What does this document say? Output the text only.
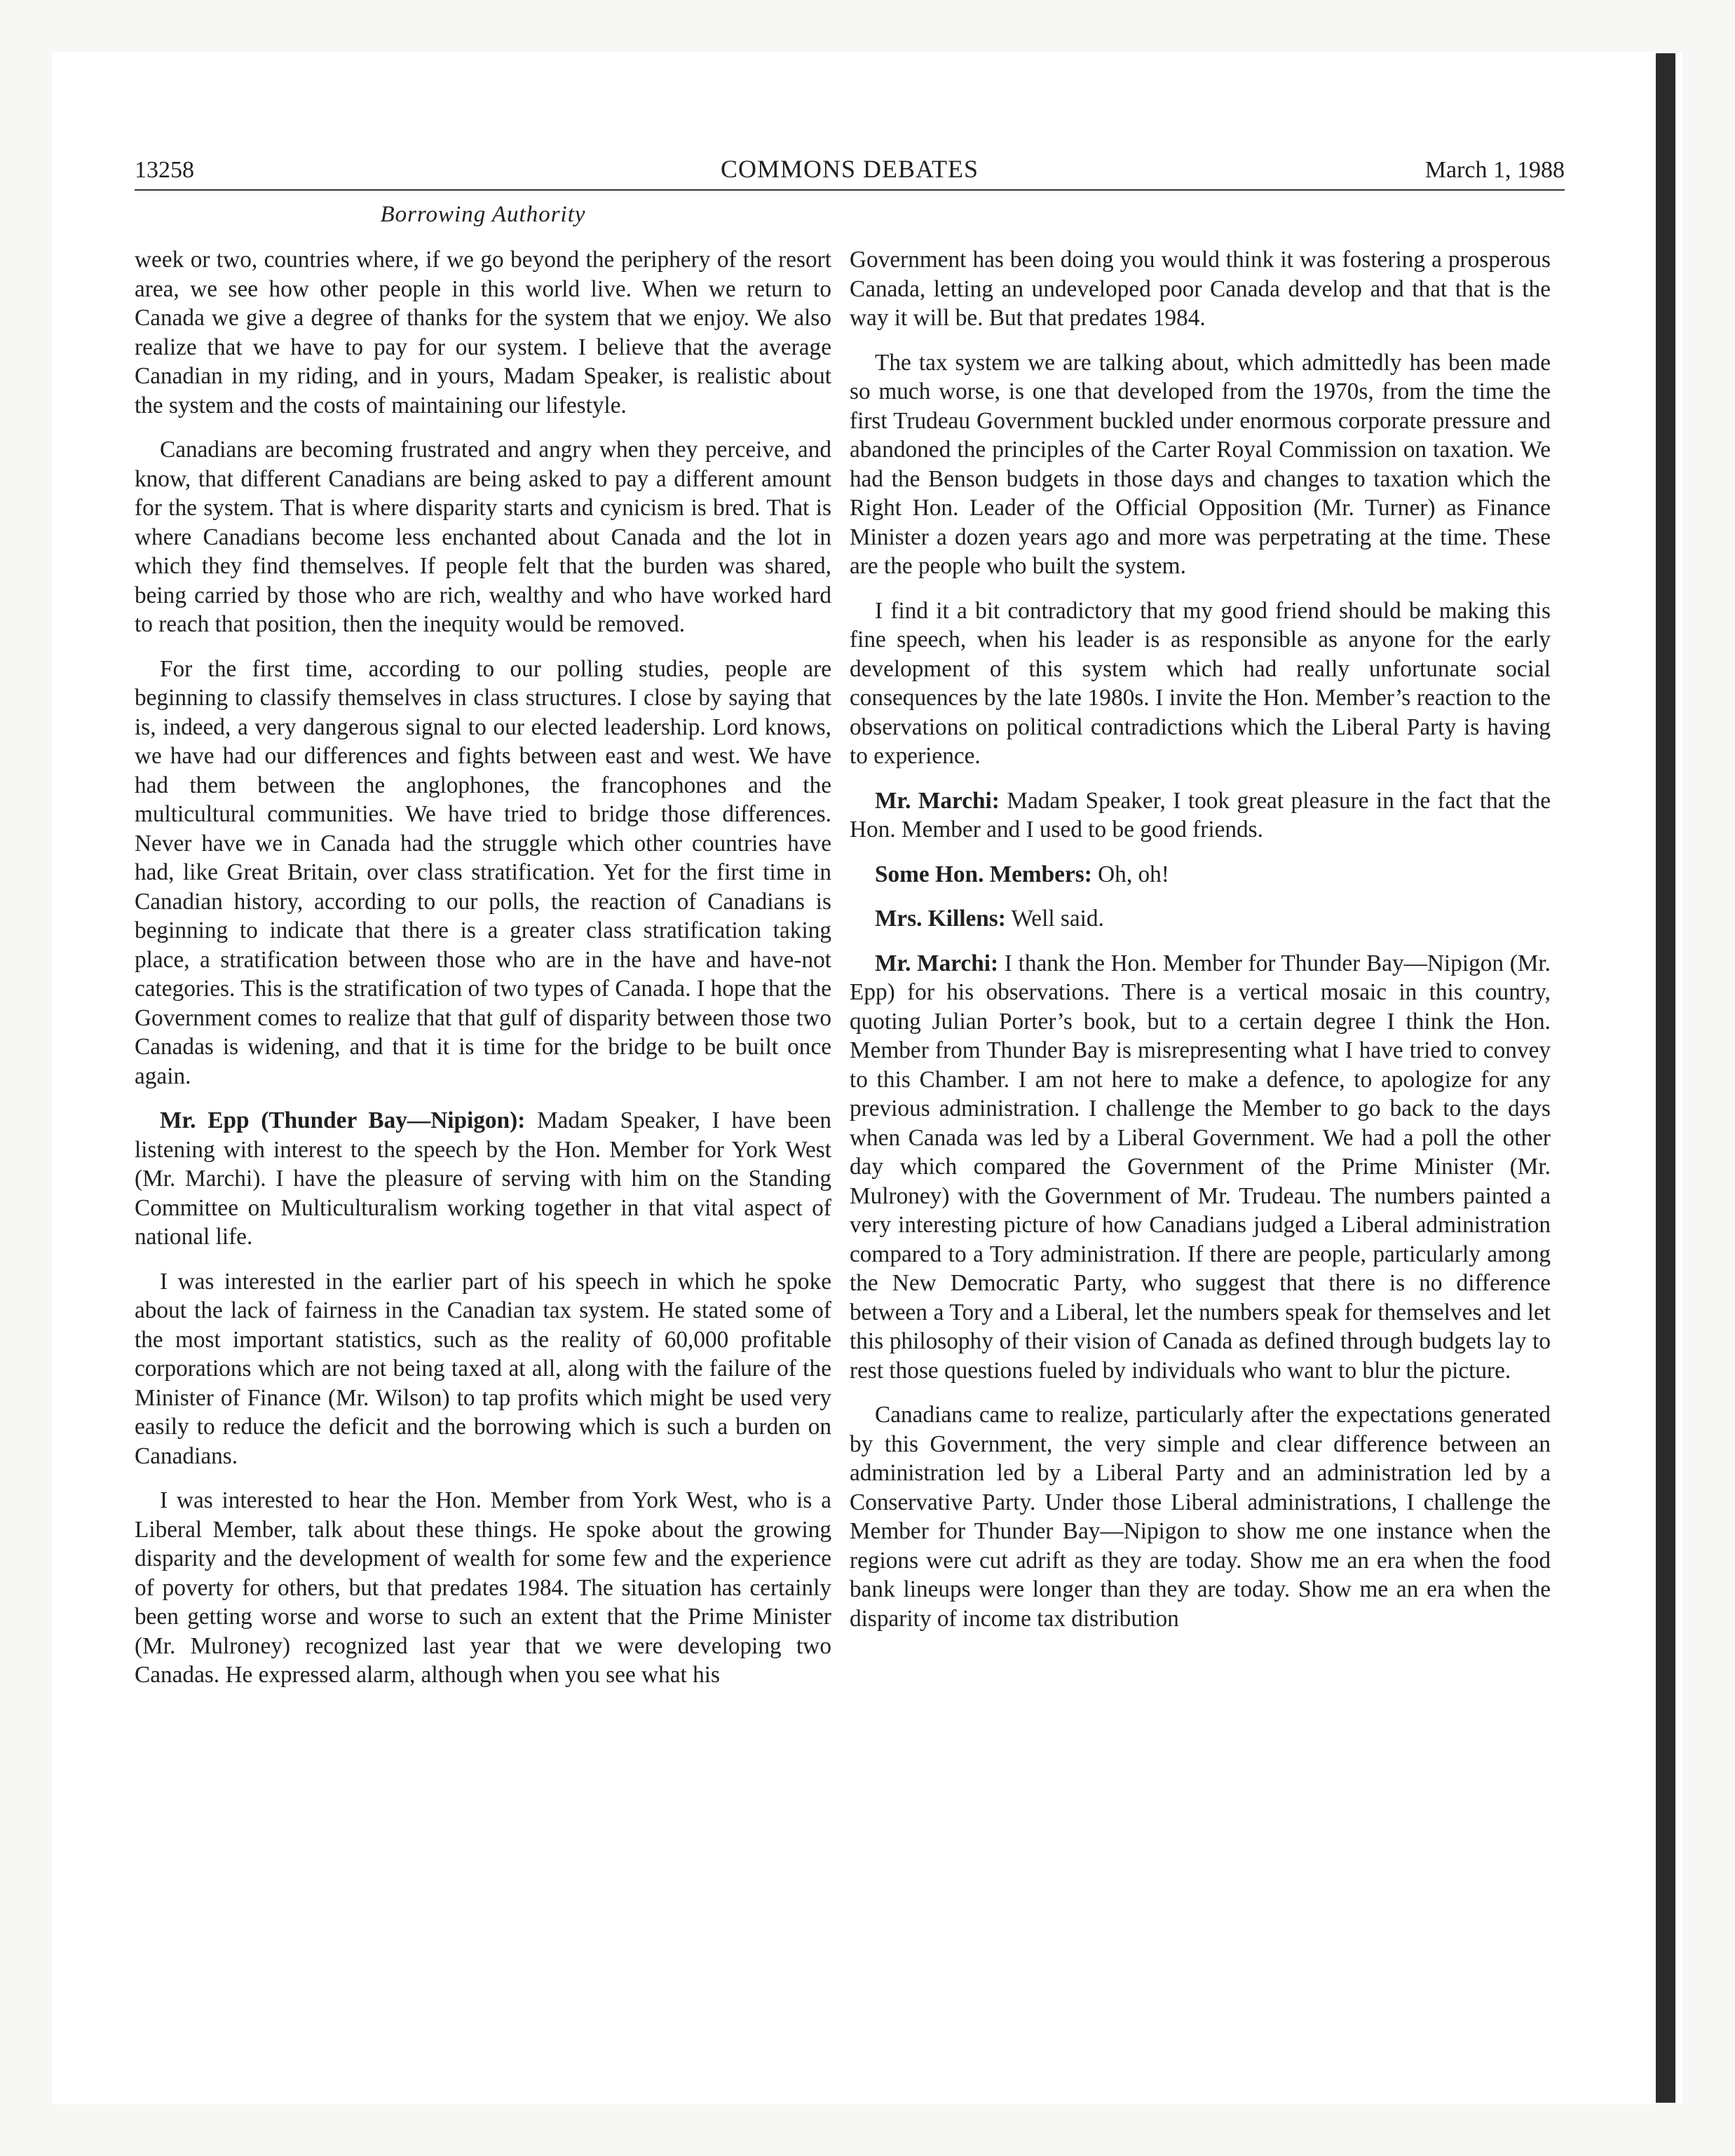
13258	COMMONS DEBATES	March 1, 1988
Borrowing Authority

week or two, countries where, if we go beyond the periphery of the resort area, we see how other people in this world live. When we return to Canada we give a degree of thanks for the system that we enjoy. We also realize that we have to pay for our system. I believe that the average Canadian in my riding, and in yours, Madam Speaker, is realistic about the system and the costs of maintaining our lifestyle.

Canadians are becoming frustrated and angry when they perceive, and know, that different Canadians are being asked to pay a different amount for the system. That is where disparity starts and cynicism is bred. That is where Canadians become less enchanted about Canada and the lot in which they find themselves. If people felt that the burden was shared, being carried by those who are rich, wealthy and who have worked hard to reach that position, then the inequity would be removed.

For the first time, according to our polling studies, people are beginning to classify themselves in class structures. I close by saying that is, indeed, a very dangerous signal to our elected leadership. Lord knows, we have had our differences and fights between east and west. We have had them between the anglophones, the francophones and the multicultural communities. We have tried to bridge those differences. Never have we in Canada had the struggle which other countries have had, like Great Britain, over class stratification. Yet for the first time in Canadian history, according to our polls, the reaction of Canadians is beginning to indicate that there is a greater class stratification taking place, a stratification between those who are in the have and have-not categories. This is the stratification of two types of Canada. I hope that the Government comes to realize that that gulf of disparity between those two Canadas is widening, and that it is time for the bridge to be built once again.

Mr. Epp (Thunder Bay—Nipigon): Madam Speaker, I have been listening with interest to the speech by the Hon. Member for York West (Mr. Marchi). I have the pleasure of serving with him on the Standing Committee on Multiculturalism working together in that vital aspect of national life.

I was interested in the earlier part of his speech in which he spoke about the lack of fairness in the Canadian tax system. He stated some of the most important statistics, such as the reality of 60,000 profitable corporations which are not being taxed at all, along with the failure of the Minister of Finance (Mr. Wilson) to tap profits which might be used very easily to reduce the deficit and the borrowing which is such a burden on Canadians.

I was interested to hear the Hon. Member from York West, who is a Liberal Member, talk about these things. He spoke about the growing disparity and the development of wealth for some few and the experience of poverty for others, but that predates 1984. The situation has certainly been getting worse and worse to such an extent that the Prime Minister (Mr. Mulroney) recognized last year that we were developing two Canadas. He expressed alarm, although when you see what his

Government has been doing you would think it was fostering a prosperous Canada, letting an undeveloped poor Canada develop and that that is the way it will be. But that predates 1984.

The tax system we are talking about, which admittedly has been made so much worse, is one that developed from the 1970s, from the time the first Trudeau Government buckled under enormous corporate pressure and abandoned the principles of the Carter Royal Commission on taxation. We had the Benson budgets in those days and changes to taxation which the Right Hon. Leader of the Official Opposition (Mr. Turner) as Finance Minister a dozen years ago and more was perpetrating at the time. These are the people who built the system.

I find it a bit contradictory that my good friend should be making this fine speech, when his leader is as responsible as anyone for the early development of this system which had really unfortunate social consequences by the late 1980s. I invite the Hon. Member’s reaction to the observations on political contradictions which the Liberal Party is having to experience.

Mr. Marchi: Madam Speaker, I took great pleasure in the fact that the Hon. Member and I used to be good friends.

Some Hon. Members: Oh, oh!

Mrs. Killens: Well said.

Mr. Marchi: I thank the Hon. Member for Thunder Bay—Nipigon (Mr. Epp) for his observations. There is a vertical mosaic in this country, quoting Julian Porter’s book, but to a certain degree I think the Hon. Member from Thunder Bay is misrepresenting what I have tried to convey to this Chamber. I am not here to make a defence, to apologize for any previous administration. I challenge the Member to go back to the days when Canada was led by a Liberal Government. We had a poll the other day which compared the Government of the Prime Minister (Mr. Mulroney) with the Government of Mr. Trudeau. The numbers painted a very interesting picture of how Canadians judged a Liberal administration compared to a Tory administration. If there are people, particularly among the New Democratic Party, who suggest that there is no difference between a Tory and a Liberal, let the numbers speak for themselves and let this philosophy of their vision of Canada as defined through budgets lay to rest those questions fueled by individuals who want to blur the picture.

Canadians came to realize, particularly after the expectations generated by this Government, the very simple and clear difference between an administration led by a Liberal Party and an administration led by a Conservative Party. Under those Liberal administrations, I challenge the Member for Thunder Bay—Nipigon to show me one instance when the regions were cut adrift as they are today. Show me an era when the food bank lineups were longer than they are today. Show me an era when the disparity of income tax distribution
